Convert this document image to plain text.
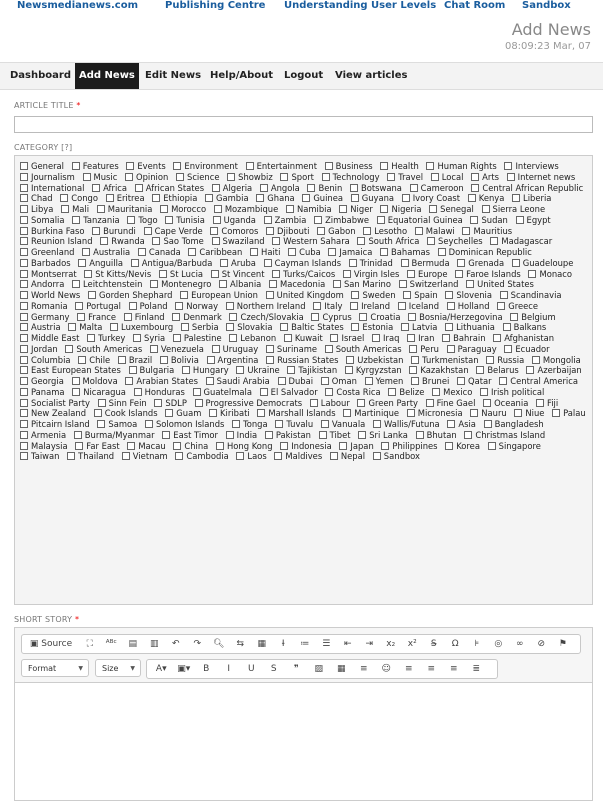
Newsmedianews.com	Publishing Centre Understanding User Levels Chat Room Sandbox
Add News
08:09:23 Mar, 07
Dashboard Add News	Edit News Help/About	Logout	View articles
ARTICLE TITLE *
CATEGORY [?]
General Features Events Environment Entertainment Business Health Human Rights Interviews Journalism Music Opinion Science Showbiz Sport Technology Travel Local Arts Internet news International Africa African States Algeria Angola Benin Botswana Cameroon Central African Republic Chad Congo Eritrea Ethiopia Gambia Ghana Guinea Guyana Ivory Coast Kenya Liberia Libya Mali Mauritania Morocco Mozambique Namibia Niger Nigeria Senegal Sierra Leone Somalia Tanzania Togo Tunisia Uganda Zambia Zimbabwe Equatorial Guinea Sudan Egypt Burkina Faso Burundi Cape Verde Comoros Djibouti Gabon Lesotho Malawi Mauritius Reunion Island Rwanda Sao Tome Swaziland Western Sahara South Africa Seychelles Madagascar Greenland Australia Canada Caribbean Haiti Cuba Jamaica Bahamas Dominican Republic Barbados Anguilla Antigua/Barbuda Aruba Cayman Islands Trinidad Bermuda Grenada Guadeloupe Montserrat St Kitts/Nevis St Lucia St Vincent Turks/Caicos Virgin Isles Europe Faroe Islands Monaco Andorra Leitchtenstein Montenegro Albania Macedonia San Marino Switzerland United States World News Gorden Shephard European Union United Kingdom Sweden Spain Slovenia Scandinavia Romania Portugal Poland Norway Northern Ireland Italy Ireland Iceland Holland Greece Germany France Finland Denmark Czech/Slovakia Cyprus Croatia Bosnia/Herzegovina Belgium Austria Malta Luxembourg Serbia Slovakia Baltic States Estonia Latvia Lithuania Balkans Middle East Turkey Syria Palestine Lebanon Kuwait Israel Iraq Iran Bahrain Afghanistan Jordan South Americas Venezuela Uruguay Suriname South Americas Peru Paraguay Ecuador Columbia Chile Brazil Bolivia Argentina Russian States Uzbekistan Turkmenistan Russia Mongolia East European States Bulgaria Hungary Ukraine Tajikistan Kyrgyzstan Kazakhstan Belarus Azerbaijan Georgia Moldova Arabian States Saudi Arabia Dubai Oman Yemen Brunei Qatar Central America Panama Nicaragua Honduras Guatelmala El Salvador Costa Rica Belize Mexico Irish political Socialist Party Sinn Fein SDLP Progressive Democrats Labour Green Party Fine Gael Oceania Fiji New Zealand Cook Islands Guam Kiribati Marshall Islands Martinique Micronesia Nauru Niue Palau Pitcairn Island Samoa Solomon Islands Tonga Tuvalu Vanuala Wallis/Futuna Asia Bangladesh Armenia Burma/Myanmar East Timor India Pakistan Tibet Sri Lanka Bhutan Christmas Island Malaysia Far East Macau China Hong Kong Indonesia Japan Philippines Korea Singapore Taiwan Thailand Vietnam Cambodia Laos Maldives Nepal Sandbox
SHORT STORY *
▣ Source	⛶	ᴬᴮᶜ	▤	▥	↶	↷	🔍︎	⇆	▦	Ɨ	≔	☰	⇤	⇥	x₂	x²	S̶	Ω	⊧	◎	∞	⊘	⚑
Format	▼	Size ▼	A▾	▣▾	B	I	U	S	❞	▨	▦	≡	☺	≡	≡	≡	≣
